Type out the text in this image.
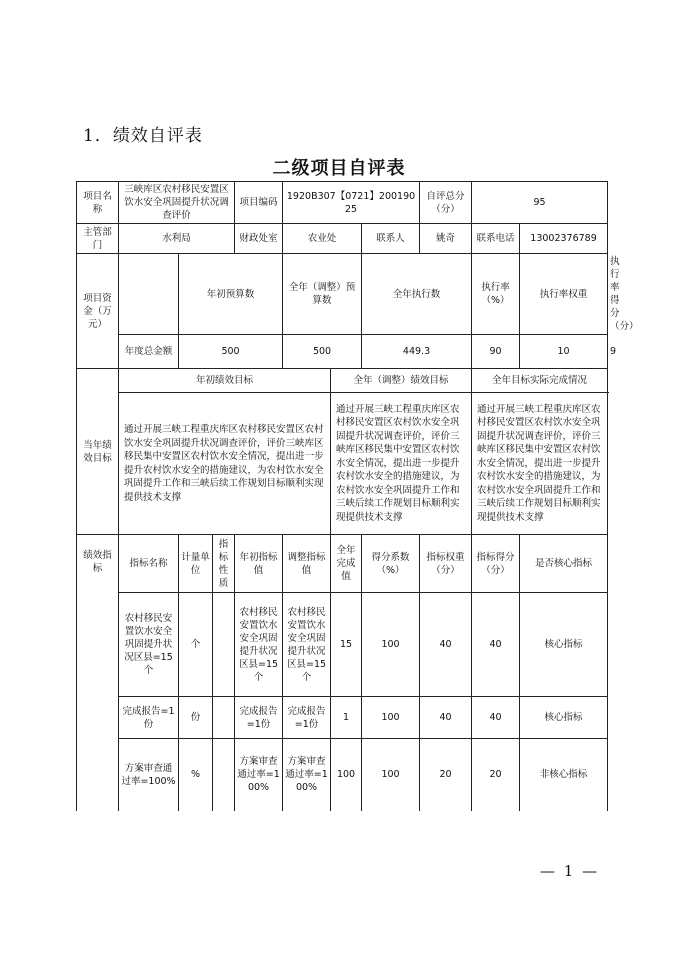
1．绩效自评表
二级项目自评表
项目名称	三峡库区农村移民安置区饮水安全巩固提升状况调查评价			项目编码	1920B307【0721】20019025			自评总分（分）	95		
主管部门	水利局			财政处室	农业处		联系人	姚奇	联系电话	13002376789	
项目资金（万元）		年初预算数			全年（调整）预算数		全年执行数		执行率（%）	执行率权重	执行率得分（分）
	年度总金额	500			500		449.3		90	10	9
当年绩效目标	年初绩效目标					全年（调整）绩效目标			全年目标实际完成情况		
	通过开展三峡工程重庆库区农村移民安置区农村饮水安全巩固提升状况调查评价，评价三峡库区移民集中安置区农村饮水安全情况，提出进一步提升农村饮水安全的措施建议，为农村饮水安全巩固提升工作和三峡后续工作规划目标顺利实现提供技术支撑					通过开展三峡工程重庆库区农村移民安置区农村饮水安全巩固提升状况调查评价，评价三峡库区移民集中安置区农村饮水安全情况，提出进一步提升农村饮水安全的措施建议，为农村饮水安全巩固提升工作和三峡后续工作规划目标顺利实现提供技术支撑			通过开展三峡工程重庆库区农村移民安置区农村饮水安全巩固提升状况调查评价，评价三峡库区移民集中安置区农村饮水安全情况，提出进一步提升农村饮水安全的措施建议，为农村饮水安全巩固提升工作和三峡后续工作规划目标顺利实现提供技术支撑		
绩效指标	指标名称	计量单位	指标性质	年初指标值	调整指标值	全年完成值	得分系数（%）	指标权重（分）	指标得分（分）	是否核心指标	
	农村移民安置饮水安全巩固提升状况区县=15个	个		农村移民安置饮水安全巩固提升状况区县=15个	农村移民安置饮水安全巩固提升状况区县=15个	15	100	40	40	核心指标	
	完成报告=1份	份		完成报告=1份	完成报告=1份	1	100	40	40	核心指标	
	方案审查通过率=100%	%		方案审查通过率=100%	方案审查通过率=100%	100	100	20	20	非核心指标	
— 1 —
